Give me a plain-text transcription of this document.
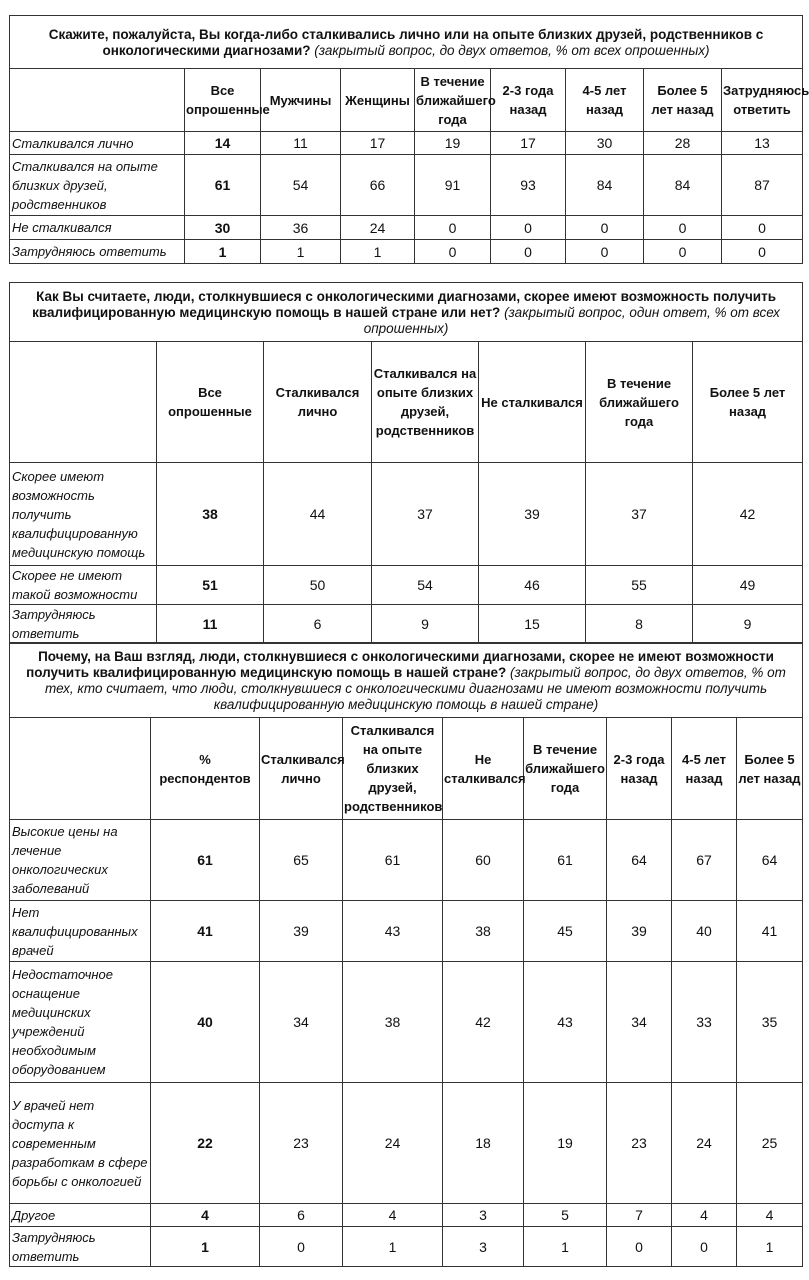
Скажите, пожалуйста, Вы когда-либо сталкивались лично или на опыте близких друзей, родственников с онкологическими диагнозами? (закрытый вопрос, до двух ответов, % от всех опрошенных)								
	Все опрошенные	Мужчины	Женщины	В течение ближайшего года	2-3 года назад	4-5 лет назад	Более 5 лет назад	Затрудняюсь ответить
Сталкивался лично	14	11	17	19	17	30	28	13
Сталкивался на опыте близких друзей, родственников	61	54	66	91	93	84	84	87
Не сталкивался	30	36	24	0	0	0	0	0
Затрудняюсь ответить	1	1	1	0	0	0	0	0
Как Вы считаете, люди, столкнувшиеся с онкологическими диагнозами, скорее имеют возможность получить квалифицированную медицинскую помощь в нашей стране или нет? (закрытый вопрос, один ответ, % от всех опрошенных)						
	Все опрошенные	Сталкивался лично	Сталкивался на опыте близких друзей, родственников	Не сталкивался	В течение ближайшего года	Более 5 лет назад
Скорее имеют возможность получить квалифицированную медицинскую помощь	38	44	37	39	37	42
Скорее не имеют такой возможности	51	50	54	46	55	49
Затрудняюсь ответить	11	6	9	15	8	9
Почему, на Ваш взгляд, люди, столкнувшиеся с онкологическими диагнозами, скорее не имеют возможности получить квалифицированную медицинскую помощь в нашей стране? (закрытый вопрос, до двух ответов, % от тех, кто считает, что люди, столкнувшиеся с онкологическими диагнозами не имеют возможности получить квалифицированную медицинскую помощь в нашей стране)								
	% респондентов	Сталкивался лично	Сталкивался на опыте близких друзей, родственников	Не сталкивался	В течение ближайшего года	2-3 года назад	4-5 лет назад	Более 5 лет назад
Высокие цены на лечение онкологических заболеваний	61	65	61	60	61	64	67	64
Нет квалифицированных врачей	41	39	43	38	45	39	40	41
Недостаточное оснащение медицинских учреждений необходимым оборудованием	40	34	38	42	43	34	33	35
У врачей нет доступа к современным разработкам в сфере борьбы с онкологией	22	23	24	18	19	23	24	25
Другое	4	6	4	3	5	7	4	4
Затрудняюсь ответить	1	0	1	3	1	0	0	1
